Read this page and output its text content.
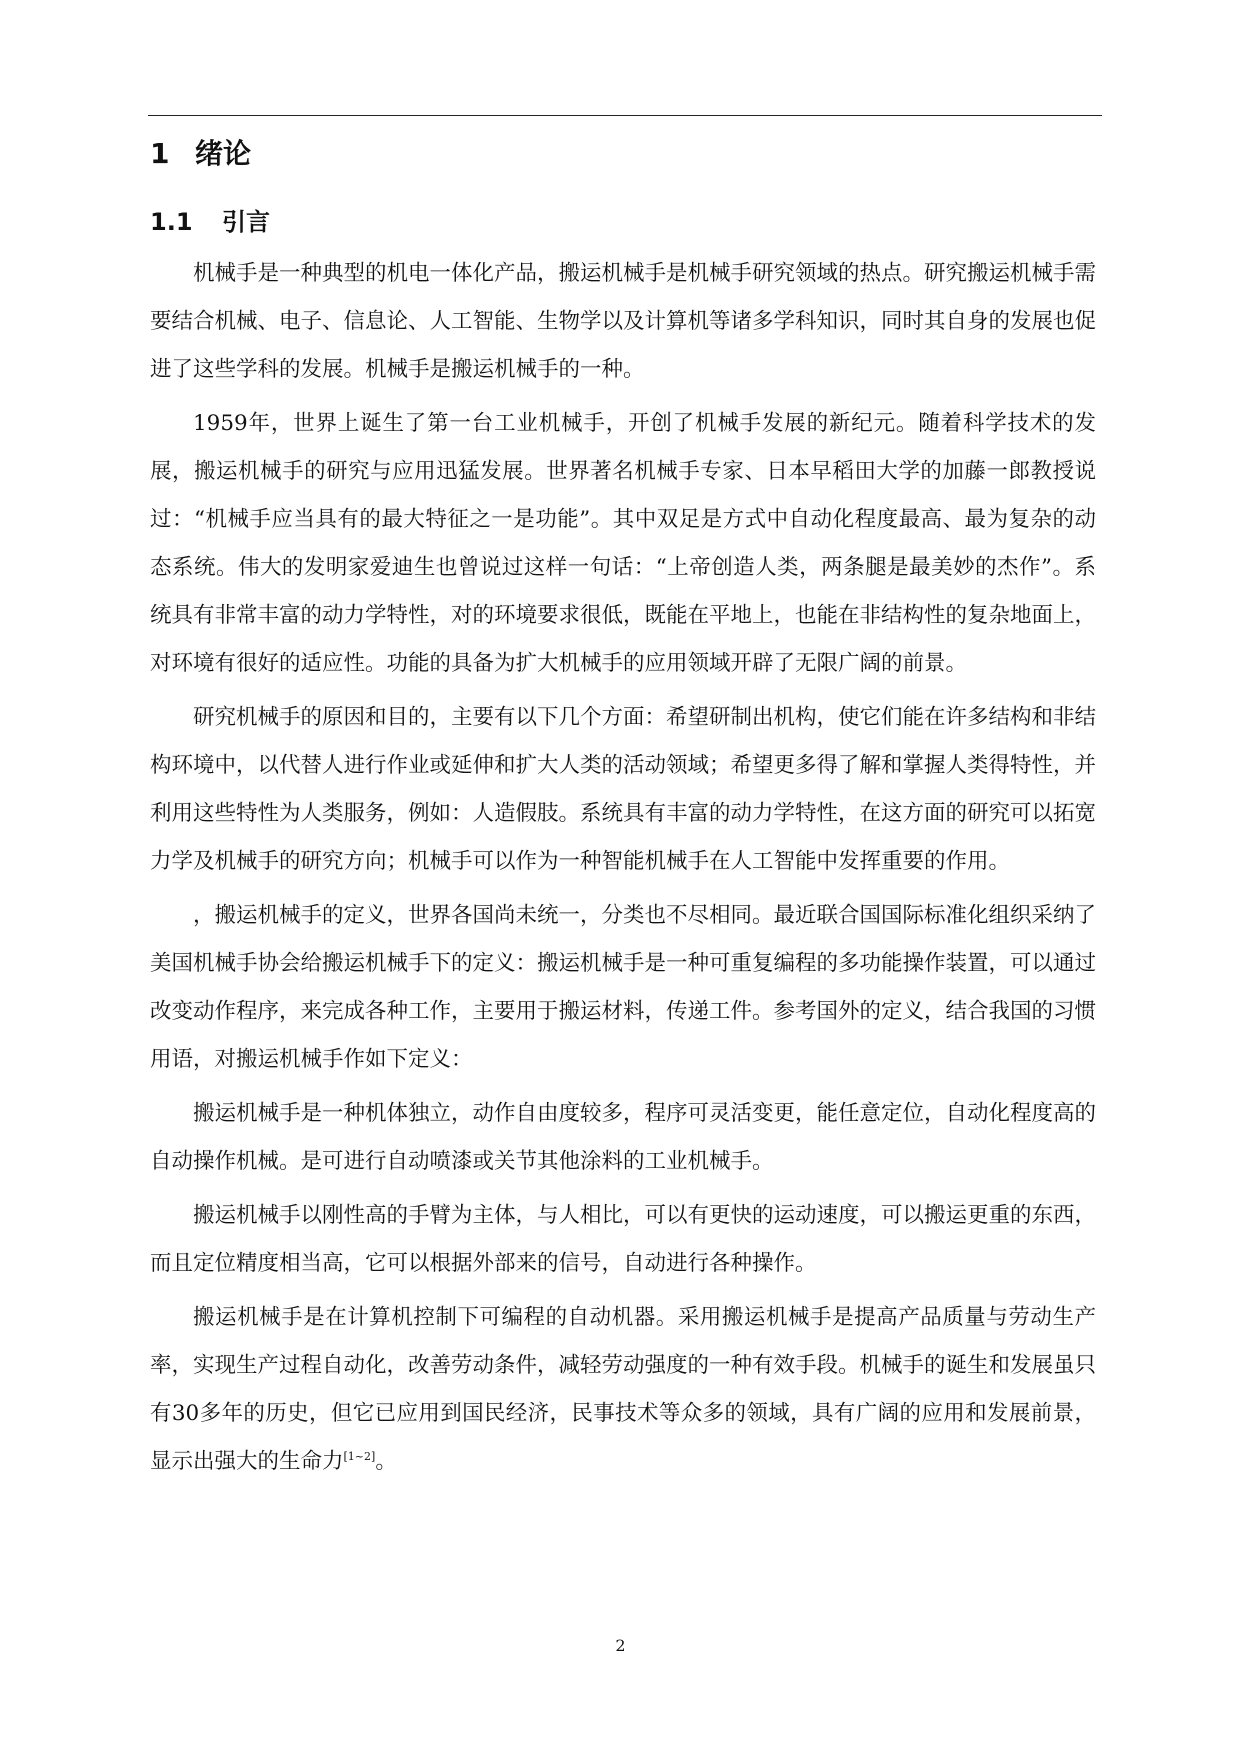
1 绪论
1.1	引言

机械手是一种典型的机电一体化产品，搬运机械手是机械手研究领域的热点。研究搬运机械手需要结合机械、电子、信息论、人工智能、生物学以及计算机等诸多学科知识，同时其自身的发展也促进了这些学科的发展。机械手是搬运机械手的一种。

1959年，世界上诞生了第一台工业机械手，开创了机械手发展的新纪元。随着科学技术的发展，搬运机械手的研究与应用迅猛发展。世界著名机械手专家、日本早稻田大学的加藤一郎教授说过：“机械手应当具有的最大特征之一是功能”。其中双足是方式中自动化程度最高、最为复杂的动态系统。伟大的发明家爱迪生也曾说过这样一句话：“上帝创造人类，两条腿是最美妙的杰作”。系统具有非常丰富的动力学特性，对的环境要求很低，既能在平地上，也能在非结构性的复杂地面上，对环境有很好的适应性。功能的具备为扩大机械手的应用领域开辟了无限广阔的前景。

研究机械手的原因和目的，主要有以下几个方面：希望研制出机构，使它们能在许多结构和非结构环境中，以代替人进行作业或延伸和扩大人类的活动领域；希望更多得了解和掌握人类得特性，并利用这些特性为人类服务，例如：人造假肢。系统具有丰富的动力学特性，在这方面的研究可以拓宽力学及机械手的研究方向；机械手可以作为一种智能机械手在人工智能中发挥重要的作用。

，搬运机械手的定义，世界各国尚未统一，分类也不尽相同。最近联合国国际标准化组织采纳了美国机械手协会给搬运机械手下的定义：搬运机械手是一种可重复编程的多功能操作装置，可以通过改变动作程序，来完成各种工作，主要用于搬运材料，传递工件。参考国外的定义，结合我国的习惯用语，对搬运机械手作如下定义：

搬运机械手是一种机体独立，动作自由度较多，程序可灵活变更，能任意定位，自动化程度高的自动操作机械。是可进行自动喷漆或关节其他涂料的工业机械手。

搬运机械手以刚性高的手臂为主体，与人相比，可以有更快的运动速度，可以搬运更重的东西，而且定位精度相当高，它可以根据外部来的信号，自动进行各种操作。

搬运机械手是在计算机控制下可编程的自动机器。采用搬运机械手是提高产品质量与劳动生产率，实现生产过程自动化，改善劳动条件，减轻劳动强度的一种有效手段。机械手的诞生和发展虽只有30多年的历史，但它已应用到国民经济，民事技术等众多的领域，具有广阔的应用和发展前景，显示出强大的生命力[1~2]。

2
